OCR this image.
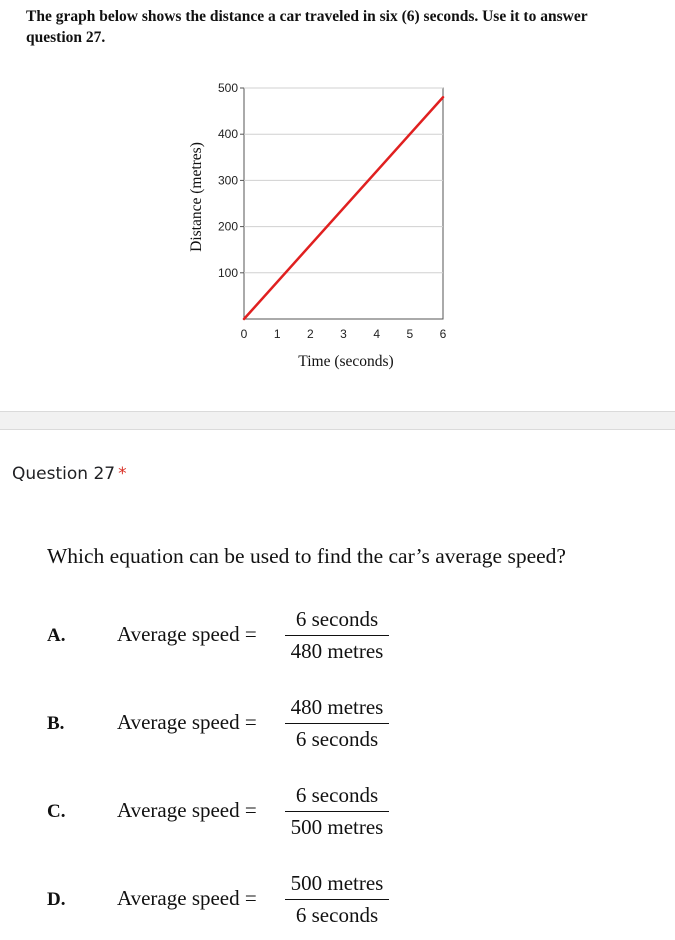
The graph below shows the distance a car traveled in six (6) seconds. Use it to answer
question 27.
100
200
300
400
500
0 1 2 3 4 5 6
Time (seconds)
Distance (metres)
Question 27 *
Which equation can be used to find the car’s average speed?
A. Average speed =
6 seconds
480 metres
B.	Average speed =
480 metres
6 seconds
C. Average speed =
6 seconds
500 metres
D. Average speed =
500 metres
6 seconds
